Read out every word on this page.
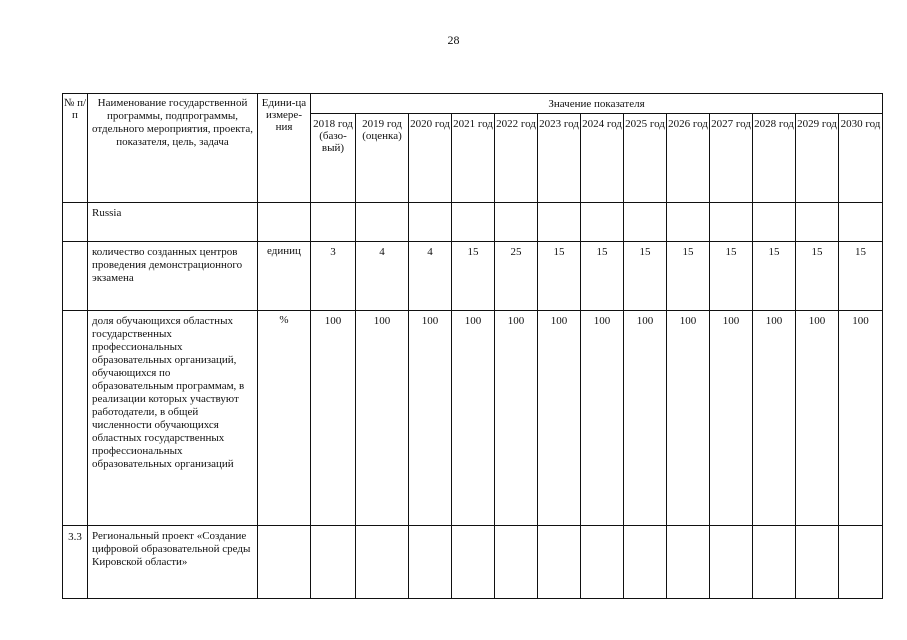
28
№ п/п	Наименование государственной программы, подпрограммы, отдельного мероприятия, проекта, показателя, цель, задача	Едини-ца измере-ния	Значение показателя												
			2018 год (базо-вый)	2019 год (оценка)	2020 год	2021 год	2022 год	2023 год	2024 год	2025 год	2026 год	2027 год	2028 год	2029 год	2030 год
	Russia														
	количество созданных центров проведения демонстрационного экзамена	единиц	3	4	4	15	25	15	15	15	15	15	15	15	15
	доля обучающихся областных государственных профессиональных образовательных организаций, обучающихся по образовательным программам, в реализации которых участвуют работодатели, в общей численности обучающихся областных государственных профессиональных образовательных организаций	%	100	100	100	100	100	100	100	100	100	100	100	100	100
3.3	Региональный проект «Создание цифровой образовательной среды Кировской области»														
